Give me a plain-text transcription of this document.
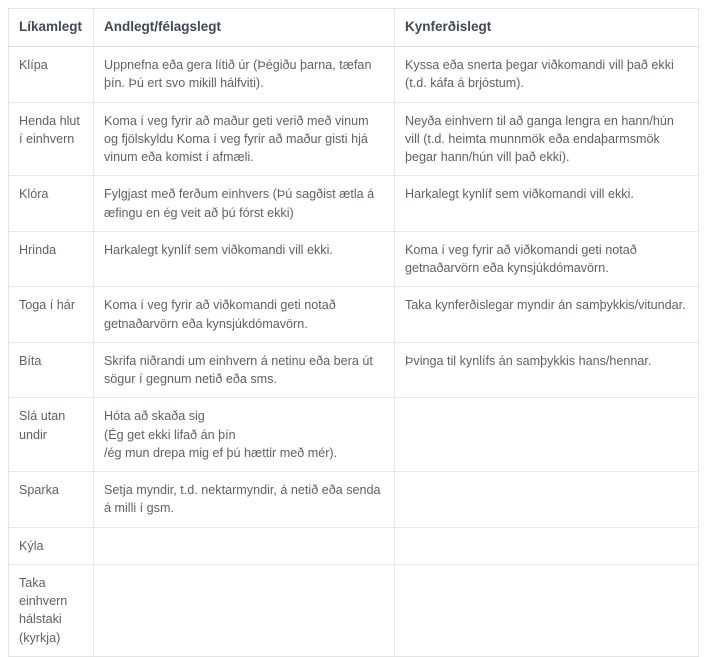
Líkamlegt	Andlegt/félagslegt	Kynferðislegt

Klípa	Uppnefna eða gera lítið úr (Þégiðu þarna, tæfan þín. Þú ert svo mikill hálfviti).	Kyssa eða snerta þegar viðkomandi vill það ekki (t.d. káfa á brjóstum).

Henda hlut í einhvern	Koma í veg fyrir að maður geti verið með vinum og fjölskyldu Koma í veg fyrir að maður gisti hjá vinum eða komist í afmæli.	Neyða einhvern til að ganga lengra en hann/hún vill (t.d. heimta munnmök eða endaþarmsmök þegar hann/hún vill það ekki).

Klóra	Fylgjast með ferðum einhvers (Þú sagðist ætla á æfingu en ég veit að þú fórst ekki)	Harkalegt kynlíf sem viðkomandi vill ekki.

Hrinda	Harkalegt kynlíf sem viðkomandi vill ekki.	Koma í veg fyrir að viðkomandi geti notað getnaðarvörn eða kynsjúkdómavörn.

Toga í hár	Koma í veg fyrir að viðkomandi geti notað getnaðarvörn eða kynsjúkdómavörn.	Taka kynferðislegar myndir án samþykkis/vitundar.

Bíta	Skrifa niðrandi um einhvern á netinu eða bera út sögur í gegnum netið eða sms.	Þvinga til kynlífs án samþykkis hans/hennar.

Slá utan undir	Hóta að skaða sig
(Ég get ekki lifað án þín
/ég mun drepa mig ef þú hættir með mér).	

Sparka	Setja myndir, t.d. nektarmyndir, á netið eða senda á milli í gsm.	

Kýla		

Taka einhvern hálstaki (kyrkja)		
